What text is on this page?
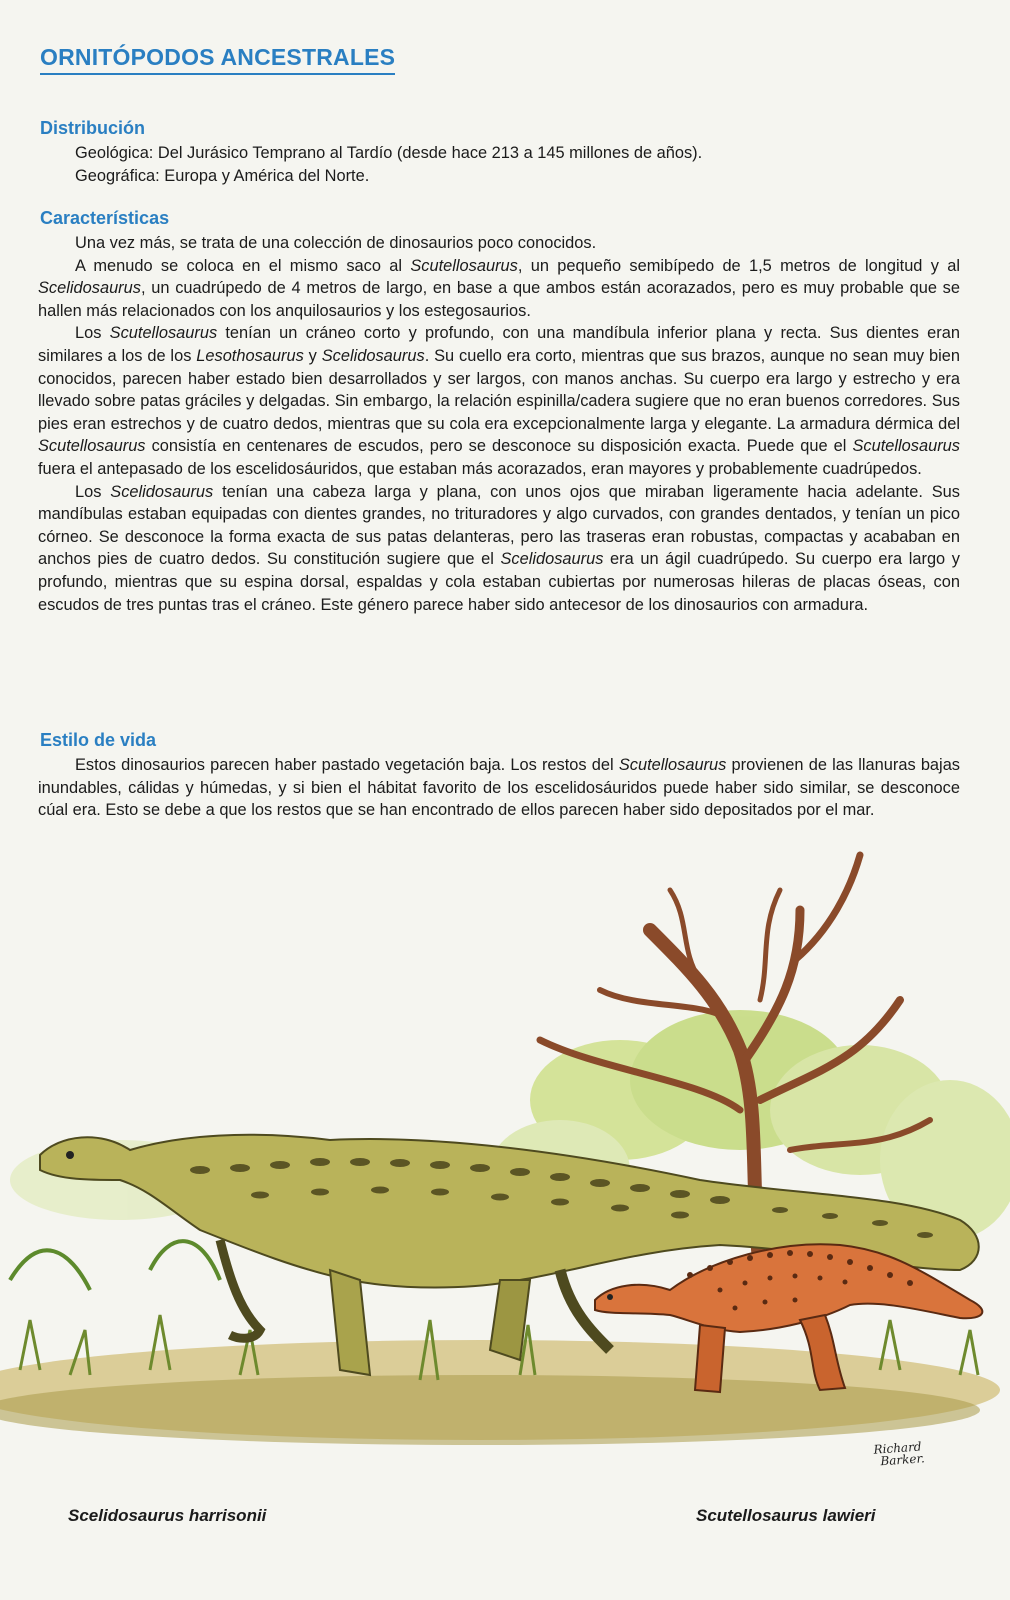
ORNITÓPODOS ANCESTRALES
Distribución

Geológica: Del Jurásico Temprano al Tardío (desde hace 213 a 145 millones de años).

Geográfica: Europa y América del Norte.

Características

Una vez más, se trata de una colección de dinosaurios poco conocidos.

A menudo se coloca en el mismo saco al Scutellosaurus, un pequeño semibípedo de 1,5 metros de longitud y al Scelidosaurus, un cuadrúpedo de 4 metros de largo, en base a que ambos están acorazados, pero es muy probable que se hallen más relacionados con los anquilosaurios y los estegosaurios.

Los Scutellosaurus tenían un cráneo corto y profundo, con una mandíbula inferior plana y recta. Sus dientes eran similares a los de los Lesothosaurus y Scelidosaurus. Su cuello era corto, mientras que sus brazos, aunque no sean muy bien conocidos, parecen haber estado bien desarrollados y ser largos, con manos anchas. Su cuerpo era largo y estrecho y era llevado sobre patas gráciles y delgadas. Sin embargo, la relación espinilla/cadera sugiere que no eran buenos corredores. Sus pies eran estrechos y de cuatro dedos, mientras que su cola era excepcionalmente larga y elegante. La armadura dérmica del Scutellosaurus consistía en centenares de escudos, pero se desconoce su disposición exacta. Puede que el Scutellosaurus fuera el antepasado de los escelidosáuridos, que estaban más acorazados, eran mayores y probablemente cuadrúpedos.

Los Scelidosaurus tenían una cabeza larga y plana, con unos ojos que miraban ligeramente hacia adelante. Sus mandíbulas estaban equipadas con dientes grandes, no trituradores y algo curvados, con grandes dentados, y tenían un pico córneo. Se desconoce la forma exacta de sus patas delanteras, pero las traseras eran robustas, compactas y acababan en anchos pies de cuatro dedos. Su constitución sugiere que el Scelidosaurus era un ágil cuadrúpedo. Su cuerpo era largo y profundo, mientras que su espina dorsal, espaldas y cola estaban cubiertas por numerosas hileras de placas óseas, con escudos de tres puntas tras el cráneo. Este género parece haber sido antecesor de los dinosaurios con armadura.

Estilo de vida

Estos dinosaurios parecen haber pastado vegetación baja. Los restos del Scutellosaurus provienen de las llanuras bajas inundables, cálidas y húmedas, y si bien el hábitat favorito de los escelidosáuridos puede haber sido similar, se desconoce cúal era. Esto se debe a que los restos que se han encontrado de ellos parecen haber sido depositados por el mar.

Richard
Barker.
Scelidosaurus harrisonii	Scutellosaurus lawieri
